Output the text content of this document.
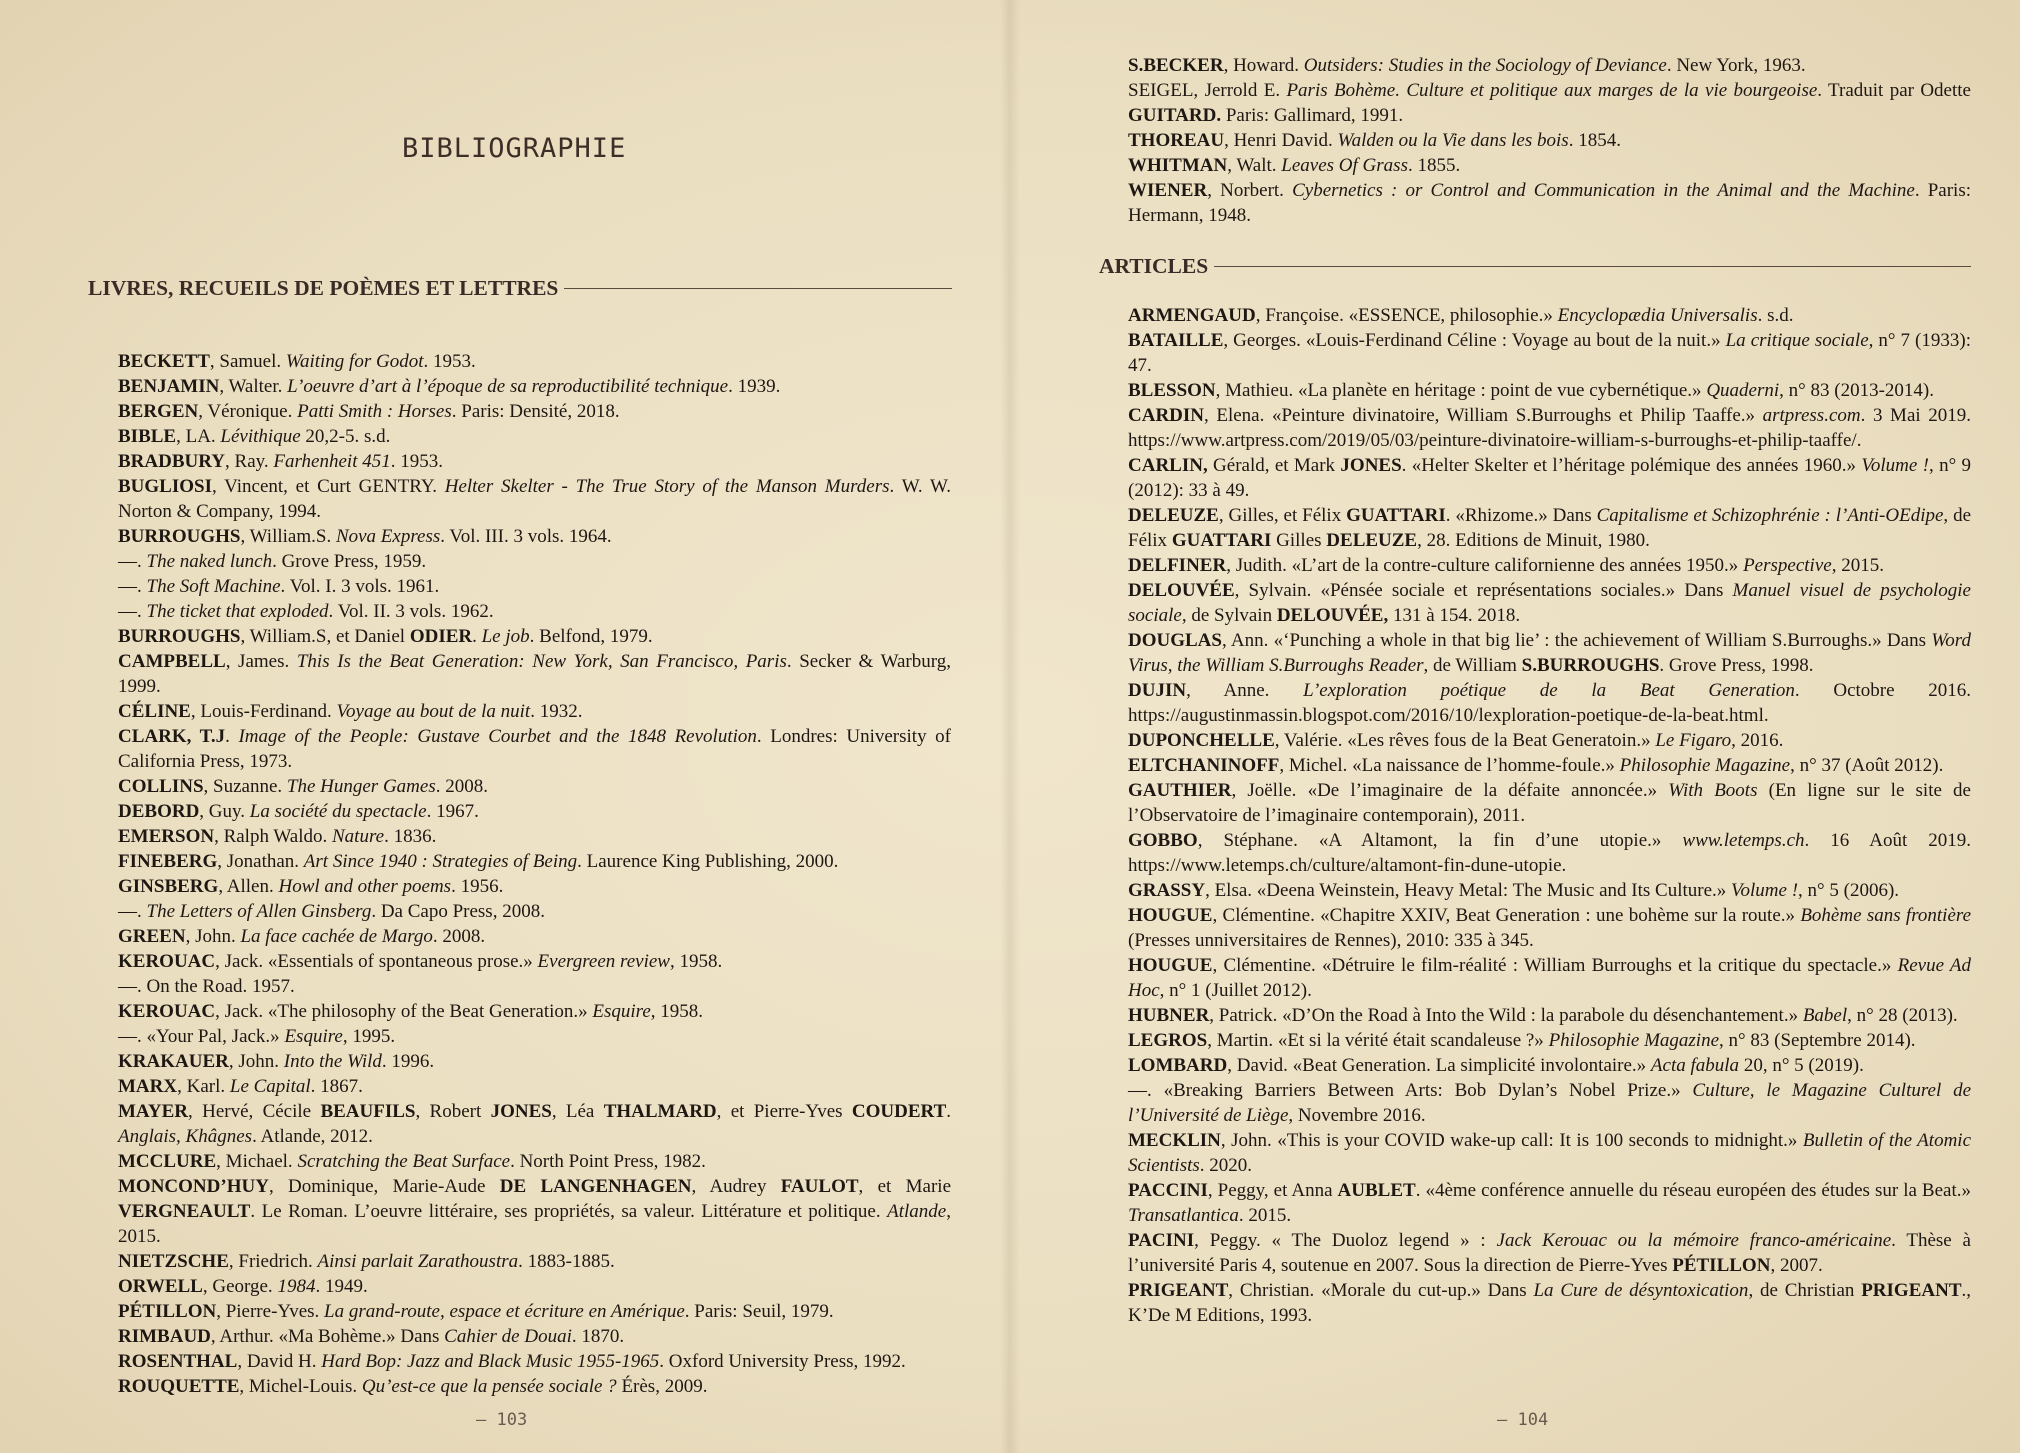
BIBLIOGRAPHIE
LIVRES, RECUEILS DE POÈMES ET LETTRES
BECKETT, Samuel. Waiting for Godot. 1953.
BENJAMIN, Walter. L’oeuvre d’art à l’époque de sa reproductibilité technique. 1939.
BERGEN, Véronique. Patti Smith : Horses. Paris: Densité, 2018.
BIBLE, LA. Lévithique 20,2-5. s.d.
BRADBURY, Ray. Farhenheit 451. 1953.
BUGLIOSI, Vincent, et Curt GENTRY. Helter Skelter - The True Story of the Manson Murders. W. W. Norton & Company, 1994.
BURROUGHS, William.S. Nova Express. Vol. III. 3 vols. 1964.
—. The naked lunch. Grove Press, 1959.
—. The Soft Machine. Vol. I. 3 vols. 1961.
—. The ticket that exploded. Vol. II. 3 vols. 1962.
BURROUGHS, William.S, et Daniel ODIER. Le job. Belfond, 1979.
CAMPBELL, James. This Is the Beat Generation: New York, San Francisco, Paris. Secker & Warburg, 1999.
CÉLINE, Louis-Ferdinand. Voyage au bout de la nuit. 1932.
CLARK, T.J. Image of the People: Gustave Courbet and the 1848 Revolution. Londres: University of California Press, 1973.
COLLINS, Suzanne. The Hunger Games. 2008.
DEBORD, Guy. La société du spectacle. 1967.
EMERSON, Ralph Waldo. Nature. 1836.
FINEBERG, Jonathan. Art Since 1940 : Strategies of Being. Laurence King Publishing, 2000.
GINSBERG, Allen. Howl and other poems. 1956.
—. The Letters of Allen Ginsberg. Da Capo Press, 2008.
GREEN, John. La face cachée de Margo. 2008.
KEROUAC, Jack. «Essentials of spontaneous prose.» Evergreen review, 1958.
—. On the Road. 1957.
KEROUAC, Jack. «The philosophy of the Beat Generation.» Esquire, 1958.
—. «Your Pal, Jack.» Esquire, 1995.
KRAKAUER, John. Into the Wild. 1996.
MARX, Karl. Le Capital. 1867.
MAYER, Hervé, Cécile BEAUFILS, Robert JONES, Léa THALMARD, et Pierre-Yves COUDERT. Anglais, Khâgnes. Atlande, 2012.
MCCLURE, Michael. Scratching the Beat Surface. North Point Press, 1982.
MONCOND’HUY, Dominique, Marie-Aude DE LANGENHAGEN, Audrey FAULOT, et Marie VERGNEAULT. Le Roman. L’oeuvre littéraire, ses propriétés, sa valeur. Littérature et politique. Atlande, 2015.
NIETZSCHE, Friedrich. Ainsi parlait Zarathoustra. 1883-1885.
ORWELL, George. 1984. 1949.
PÉTILLON, Pierre-Yves. La grand-route, espace et écriture en Amérique. Paris: Seuil, 1979.
RIMBAUD, Arthur. «Ma Bohème.» Dans Cahier de Douai. 1870.
ROSENTHAL, David H. Hard Bop: Jazz and Black Music 1955-1965. Oxford University Press, 1992.
ROUQUETTE, Michel-Louis. Qu’est-ce que la pensée sociale ? Érès, 2009.
— 103
S.BECKER, Howard. Outsiders: Studies in the Sociology of Deviance. New York, 1963.
SEIGEL, Jerrold E. Paris Bohème. Culture et politique aux marges de la vie bourgeoise. Traduit par Odette GUITARD. Paris: Gallimard, 1991.
THOREAU, Henri David. Walden ou la Vie dans les bois. 1854.
WHITMAN, Walt. Leaves Of Grass. 1855.
WIENER, Norbert. Cybernetics : or Control and Communication in the Animal and the Machine. Paris: Hermann, 1948.
ARTICLES
ARMENGAUD, Françoise. «ESSENCE, philosophie.» Encyclopædia Universalis. s.d.
BATAILLE, Georges. «Louis-Ferdinand Céline : Voyage au bout de la nuit.» La critique sociale, n° 7 (1933): 47.
BLESSON, Mathieu. «La planète en héritage : point de vue cybernétique.» Quaderni, n° 83 (2013-2014).
CARDIN, Elena. «Peinture divinatoire, William S.Burroughs et Philip Taaffe.» artpress.com. 3 Mai 2019. https://www.artpress.com/2019/05/03/peinture-divinatoire-william-s-burroughs-et-philip-taaffe/.
CARLIN, Gérald, et Mark JONES. «Helter Skelter et l’héritage polémique des années 1960.» Volume !, n° 9 (2012): 33 à 49.
DELEUZE, Gilles, et Félix GUATTARI. «Rhizome.» Dans Capitalisme et Schizophrénie : l’Anti-OEdipe, de Félix GUATTARI Gilles DELEUZE, 28. Editions de Minuit, 1980.
DELFINER, Judith. «L’art de la contre-culture californienne des années 1950.» Perspective, 2015.
DELOUVÉE, Sylvain. «Pénsée sociale et représentations sociales.» Dans Manuel visuel de psychologie sociale, de Sylvain DELOUVÉE, 131 à 154. 2018.
DOUGLAS, Ann. «‘Punching a whole in that big lie’ : the achievement of William S.Burroughs.» Dans Word Virus, the William S.Burroughs Reader, de William S.BURROUGHS. Grove Press, 1998.
DUJIN, Anne. L’exploration poétique de la Beat Generation. Octobre 2016. https://augustinmassin.blogspot.com/2016/10/lexploration-poetique-de-la-beat.html.
DUPONCHELLE, Valérie. «Les rêves fous de la Beat Generatoin.» Le Figaro, 2016.
ELTCHANINOFF, Michel. «La naissance de l’homme-foule.» Philosophie Magazine, n° 37 (Août 2012).
GAUTHIER, Joëlle. «De l’imaginaire de la défaite annoncée.» With Boots (En ligne sur le site de l’Observatoire de l’imaginaire contemporain), 2011.
GOBBO, Stéphane. «A Altamont, la fin d’une utopie.» www.letemps.ch. 16 Août 2019. https://www.letemps.ch/culture/altamont-fin-dune-utopie.
GRASSY, Elsa. «Deena Weinstein, Heavy Metal: The Music and Its Culture.» Volume !, n° 5 (2006).
HOUGUE, Clémentine. «Chapitre XXIV, Beat Generation : une bohème sur la route.» Bohème sans frontière (Presses unniversitaires de Rennes), 2010: 335 à 345.
HOUGUE, Clémentine. «Détruire le film-réalité : William Burroughs et la critique du spectacle.» Revue Ad Hoc, n° 1 (Juillet 2012).
HUBNER, Patrick. «D’On the Road à Into the Wild : la parabole du désenchantement.» Babel, n° 28 (2013).
LEGROS, Martin. «Et si la vérité était scandaleuse ?» Philosophie Magazine, n° 83 (Septembre 2014).
LOMBARD, David. «Beat Generation. La simplicité involontaire.» Acta fabula 20, n° 5 (2019).
—. «Breaking Barriers Between Arts: Bob Dylan’s Nobel Prize.» Culture, le Magazine Culturel de l’Université de Liège, Novembre 2016.
MECKLIN, John. «This is your COVID wake-up call: It is 100 seconds to midnight.» Bulletin of the Atomic Scientists. 2020.
PACCINI, Peggy, et Anna AUBLET. «4ème conférence annuelle du réseau européen des études sur la Beat.» Transatlantica. 2015.
PACINI, Peggy. « The Duoloz legend » : Jack Kerouac ou la mémoire franco-américaine. Thèse à l’université Paris 4, soutenue en 2007. Sous la direction de Pierre-Yves PÉTILLON, 2007.
PRIGEANT, Christian. «Morale du cut-up.» Dans La Cure de désyntoxication, de Christian PRIGEANT., K’De M Editions, 1993.
— 104
